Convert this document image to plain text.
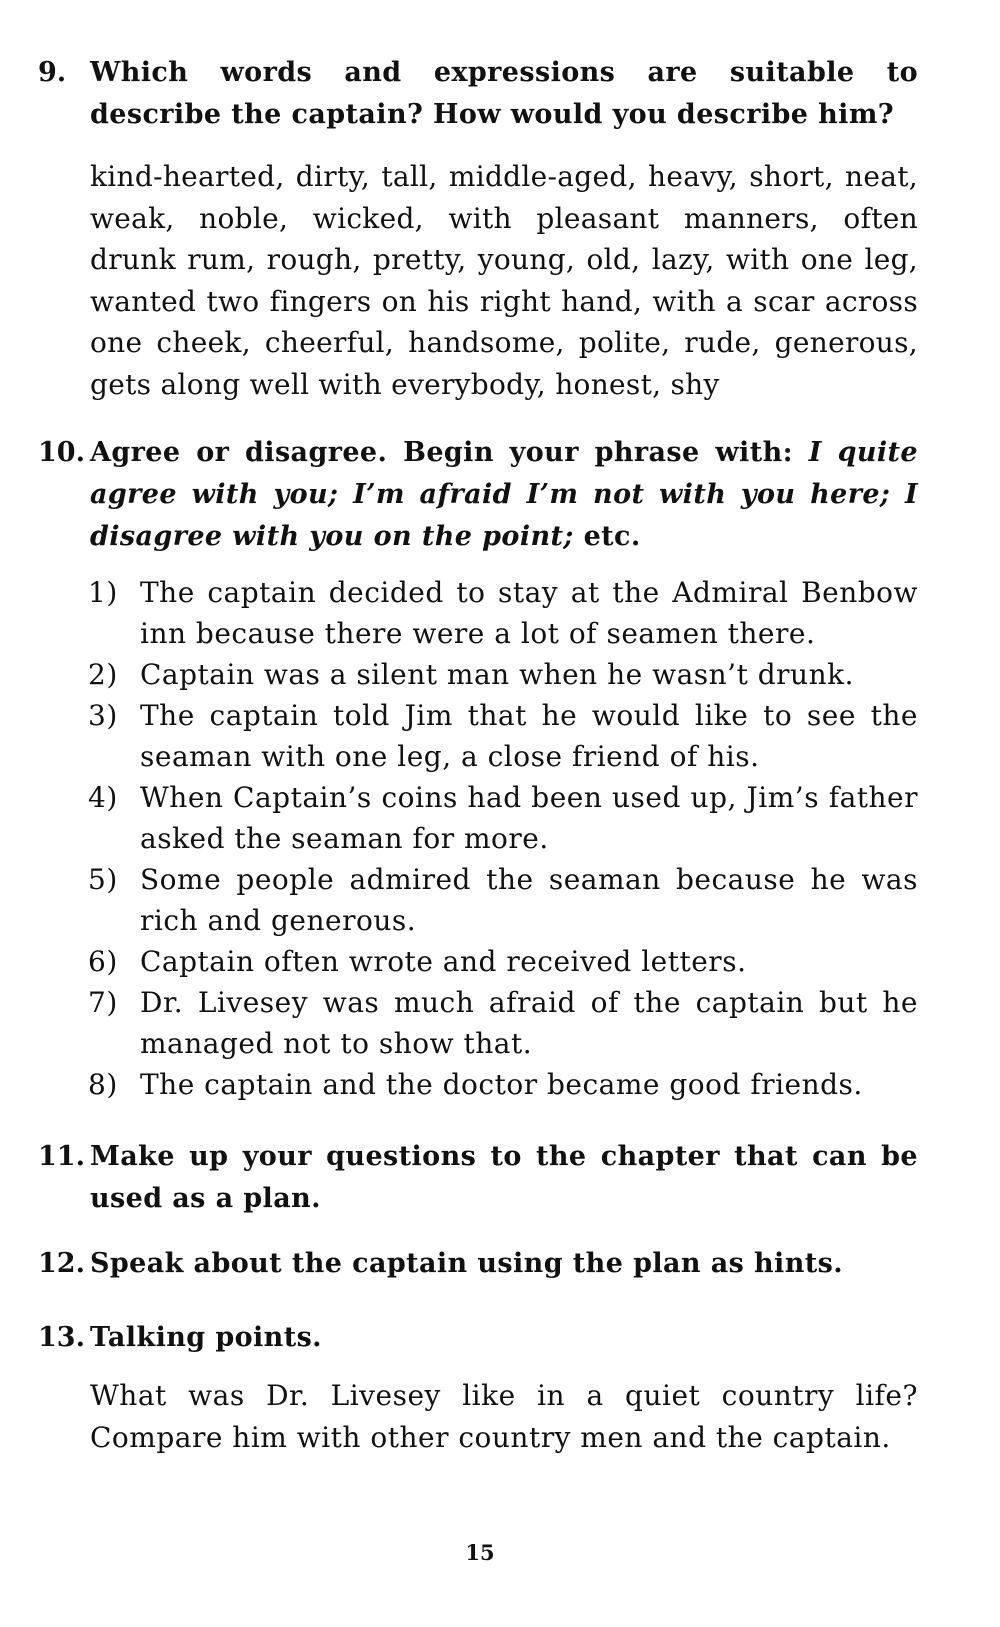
9. Which words and expressions are suitable to describe the captain? How would you describe him?
kind-hearted, dirty, tall, middle-aged, heavy, short, neat, weak, noble, wicked, with pleasant manners, often drunk rum, rough, pretty, young, old, lazy, with one leg, wanted two fingers on his right hand, with a scar across one cheek, cheerful, handsome, polite, rude, generous, gets along well with everybody, honest, shy
10. Agree or disagree. Begin your phrase with: I quite agree with you; I’m afraid I’m not with you here; I disagree with you on the point; etc.
1) The captain decided to stay at the Admiral Benbow inn because there were a lot of seamen there.
2) Captain was a silent man when he wasn’t drunk.
3) The captain told Jim that he would like to see the seaman with one leg, a close friend of his.
4) When Captain’s coins had been used up, Jim’s father asked the seaman for more.
5) Some people admired the seaman because he was rich and generous.
6) Captain often wrote and received letters.
7) Dr. Livesey was much afraid of the captain but he managed not to show that.
8) The captain and the doctor became good friends.
11. Make up your questions to the chapter that can be used as a plan.
12. Speak about the captain using the plan as hints.
13. Talking points.
What was Dr. Livesey like in a quiet country life? Compare him with other country men and the captain.
15
